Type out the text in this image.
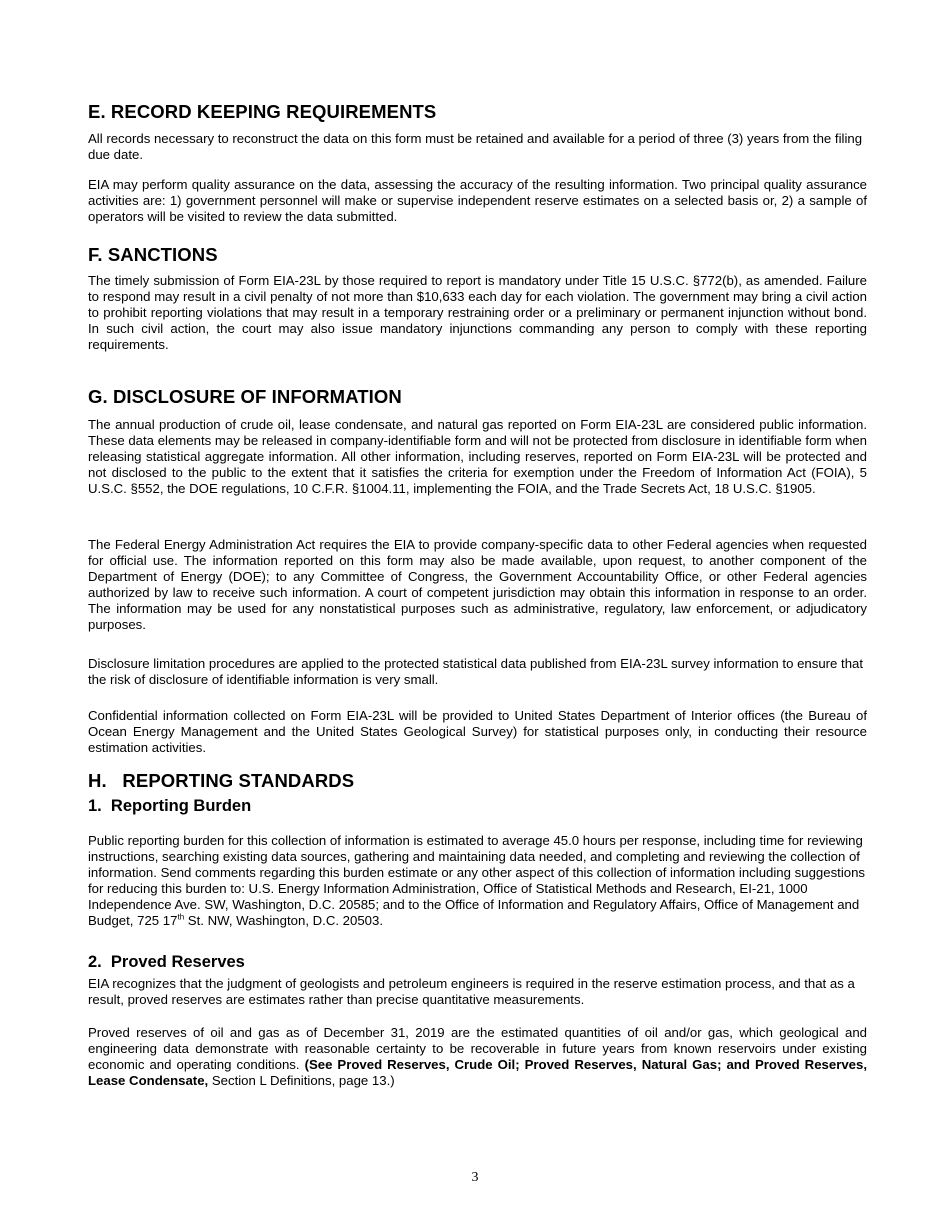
E. RECORD KEEPING REQUIREMENTS

All records necessary to reconstruct the data on this form must be retained and available for a period of three (3) years from the filing due date.

EIA may perform quality assurance on the data, assessing the accuracy of the resulting information. Two principal quality assurance activities are: 1) government personnel will make or supervise independent reserve estimates on a selected basis or, 2) a sample of operators will be visited to review the data submitted.

F. SANCTIONS

The timely submission of Form EIA-23L by those required to report is mandatory under Title 15 U.S.C. §772(b), as amended. Failure to respond may result in a civil penalty of not more than $10,633 each day for each violation. The government may bring a civil action to prohibit reporting violations that may result in a temporary restraining order or a preliminary or permanent injunction without bond. In such civil action, the court may also issue mandatory injunctions commanding any person to comply with these reporting requirements.

G. DISCLOSURE OF INFORMATION

The annual production of crude oil, lease condensate, and natural gas reported on Form EIA-23L are considered public information. These data elements may be released in company-identifiable form and will not be protected from disclosure in identifiable form when releasing statistical aggregate information. All other information, including reserves, reported on Form EIA-23L will be protected and not disclosed to the public to the extent that it satisfies the criteria for exemption under the Freedom of Information Act (FOIA), 5 U.S.C. §552, the DOE regulations, 10 C.F.R. §1004.11, implementing the FOIA, and the Trade Secrets Act, 18 U.S.C. §1905.

The Federal Energy Administration Act requires the EIA to provide company-specific data to other Federal agencies when requested for official use. The information reported on this form may also be made available, upon request, to another component of the Department of Energy (DOE); to any Committee of Congress, the Government Accountability Office, or other Federal agencies authorized by law to receive such information. A court of competent jurisdiction may obtain this information in response to an order. The information may be used for any nonstatistical purposes such as administrative, regulatory, law enforcement, or adjudicatory purposes.

Disclosure limitation procedures are applied to the protected statistical data published from EIA-23L survey information to ensure that the risk of disclosure of identifiable information is very small.

Confidential information collected on Form EIA-23L will be provided to United States Department of Interior offices (the Bureau of Ocean Energy Management and the United States Geological Survey) for statistical purposes only, in conducting their resource estimation activities.

H.   REPORTING STANDARDS
1.  Reporting Burden

Public reporting burden for this collection of information is estimated to average 45.0 hours per response, including time for reviewing instructions, searching existing data sources, gathering and maintaining data needed, and completing and reviewing the collection of information. Send comments regarding this burden estimate or any other aspect of this collection of information including suggestions for reducing this burden to: U.S. Energy Information Administration, Office of Statistical Methods and Research, EI-21, 1000 Independence Ave. SW, Washington, D.C. 20585; and to the Office of Information and Regulatory Affairs, Office of Management and Budget, 725 17th St. NW, Washington, D.C. 20503.

2.  Proved Reserves

EIA recognizes that the judgment of geologists and petroleum engineers is required in the reserve estimation process, and that as a result, proved reserves are estimates rather than precise quantitative measurements.

Proved reserves of oil and gas as of December 31, 2019 are the estimated quantities of oil and/or gas, which geological and engineering data demonstrate with reasonable certainty to be recoverable in future years from known reservoirs under existing economic and operating conditions. (See Proved Reserves, Crude Oil; Proved Reserves, Natural Gas; and Proved Reserves, Lease Condensate, Section L Definitions, page 13.)

3
